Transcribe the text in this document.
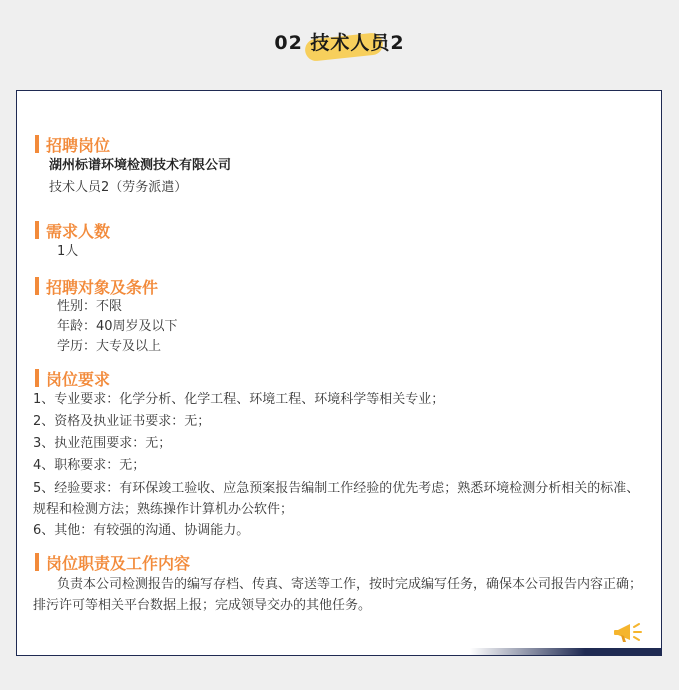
02 技术人员2
招聘岗位
湖州标谱环境检测技术有限公司
技术人员2（劳务派遣）
需求人数
1人
招聘对象及条件
性别：不限
年龄：40周岁及以下
学历：大专及以上
岗位要求
1、专业要求：化学分析、化学工程、环境工程、环境科学等相关专业；
2、资格及执业证书要求：无；
3、执业范围要求：无；
4、职称要求：无；
5、经验要求：有环保竣工验收、应急预案报告编制工作经验的优先考虑；熟悉环境检测分析相关的标准、规程和检测方法；熟练操作计算机办公软件；
6、其他：有较强的沟通、协调能力。
岗位职责及工作内容
负责本公司检测报告的编写存档、传真、寄送等工作，按时完成编写任务，确保本公司报告内容正确；排污许可等相关平台数据上报；完成领导交办的其他任务。
